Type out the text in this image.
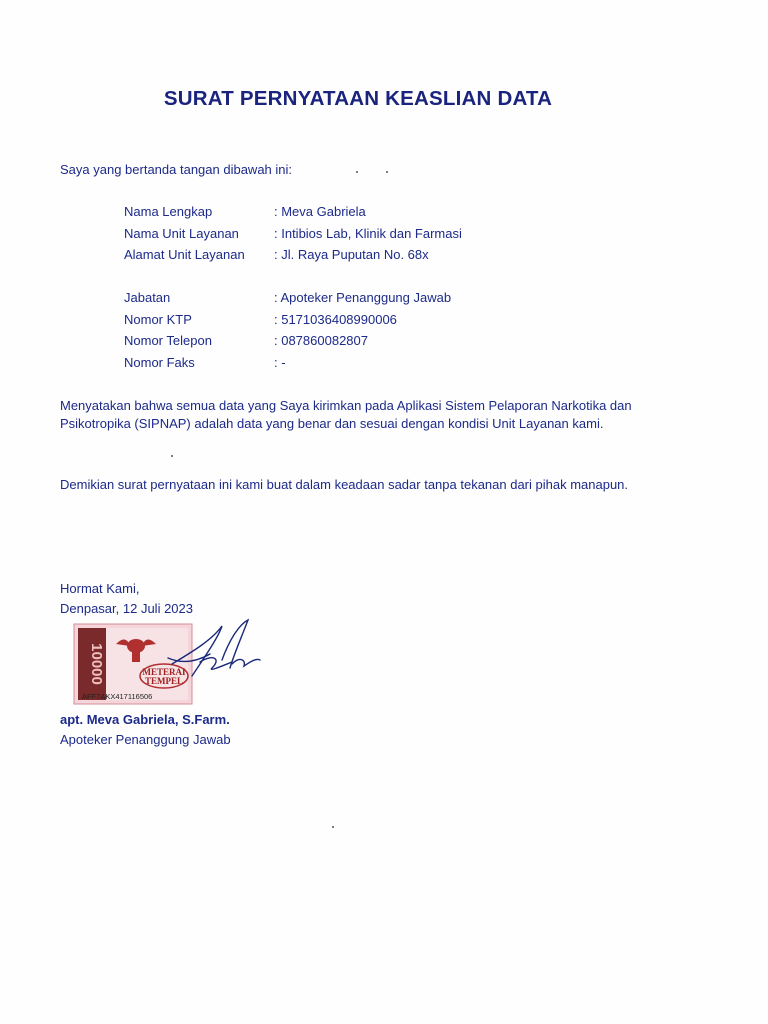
SURAT PERNYATAAN KEASLIAN DATA
Saya yang bertanda tangan dibawah ini:
Nama Lengkap	: Meva Gabriela
Nama Unit Layanan	: Intibios Lab, Klinik dan Farmasi
Alamat Unit Layanan	: Jl. Raya Puputan No. 68x
Jabatan	: Apoteker Penanggung Jawab
Nomor KTP	: 5171036408990006
Nomor Telepon	: 087860082807
Nomor Faks	: -
Menyatakan bahwa semua data yang Saya kirimkan pada Aplikasi Sistem Pelaporan Narkotika dan Psikotropika (SIPNAP) adalah data yang benar dan sesuai dengan kondisi Unit Layanan kami.
Demikian surat pernyataan ini kami buat dalam keadaan sadar tanpa tekanan dari pihak manapun.
Hormat Kami,
Denpasar, 12 Juli 2023
10000	METERAI
TEMPEL
AFF7AKX417116506
apt. Meva Gabriela, S.Farm.
Apoteker Penanggung Jawab
